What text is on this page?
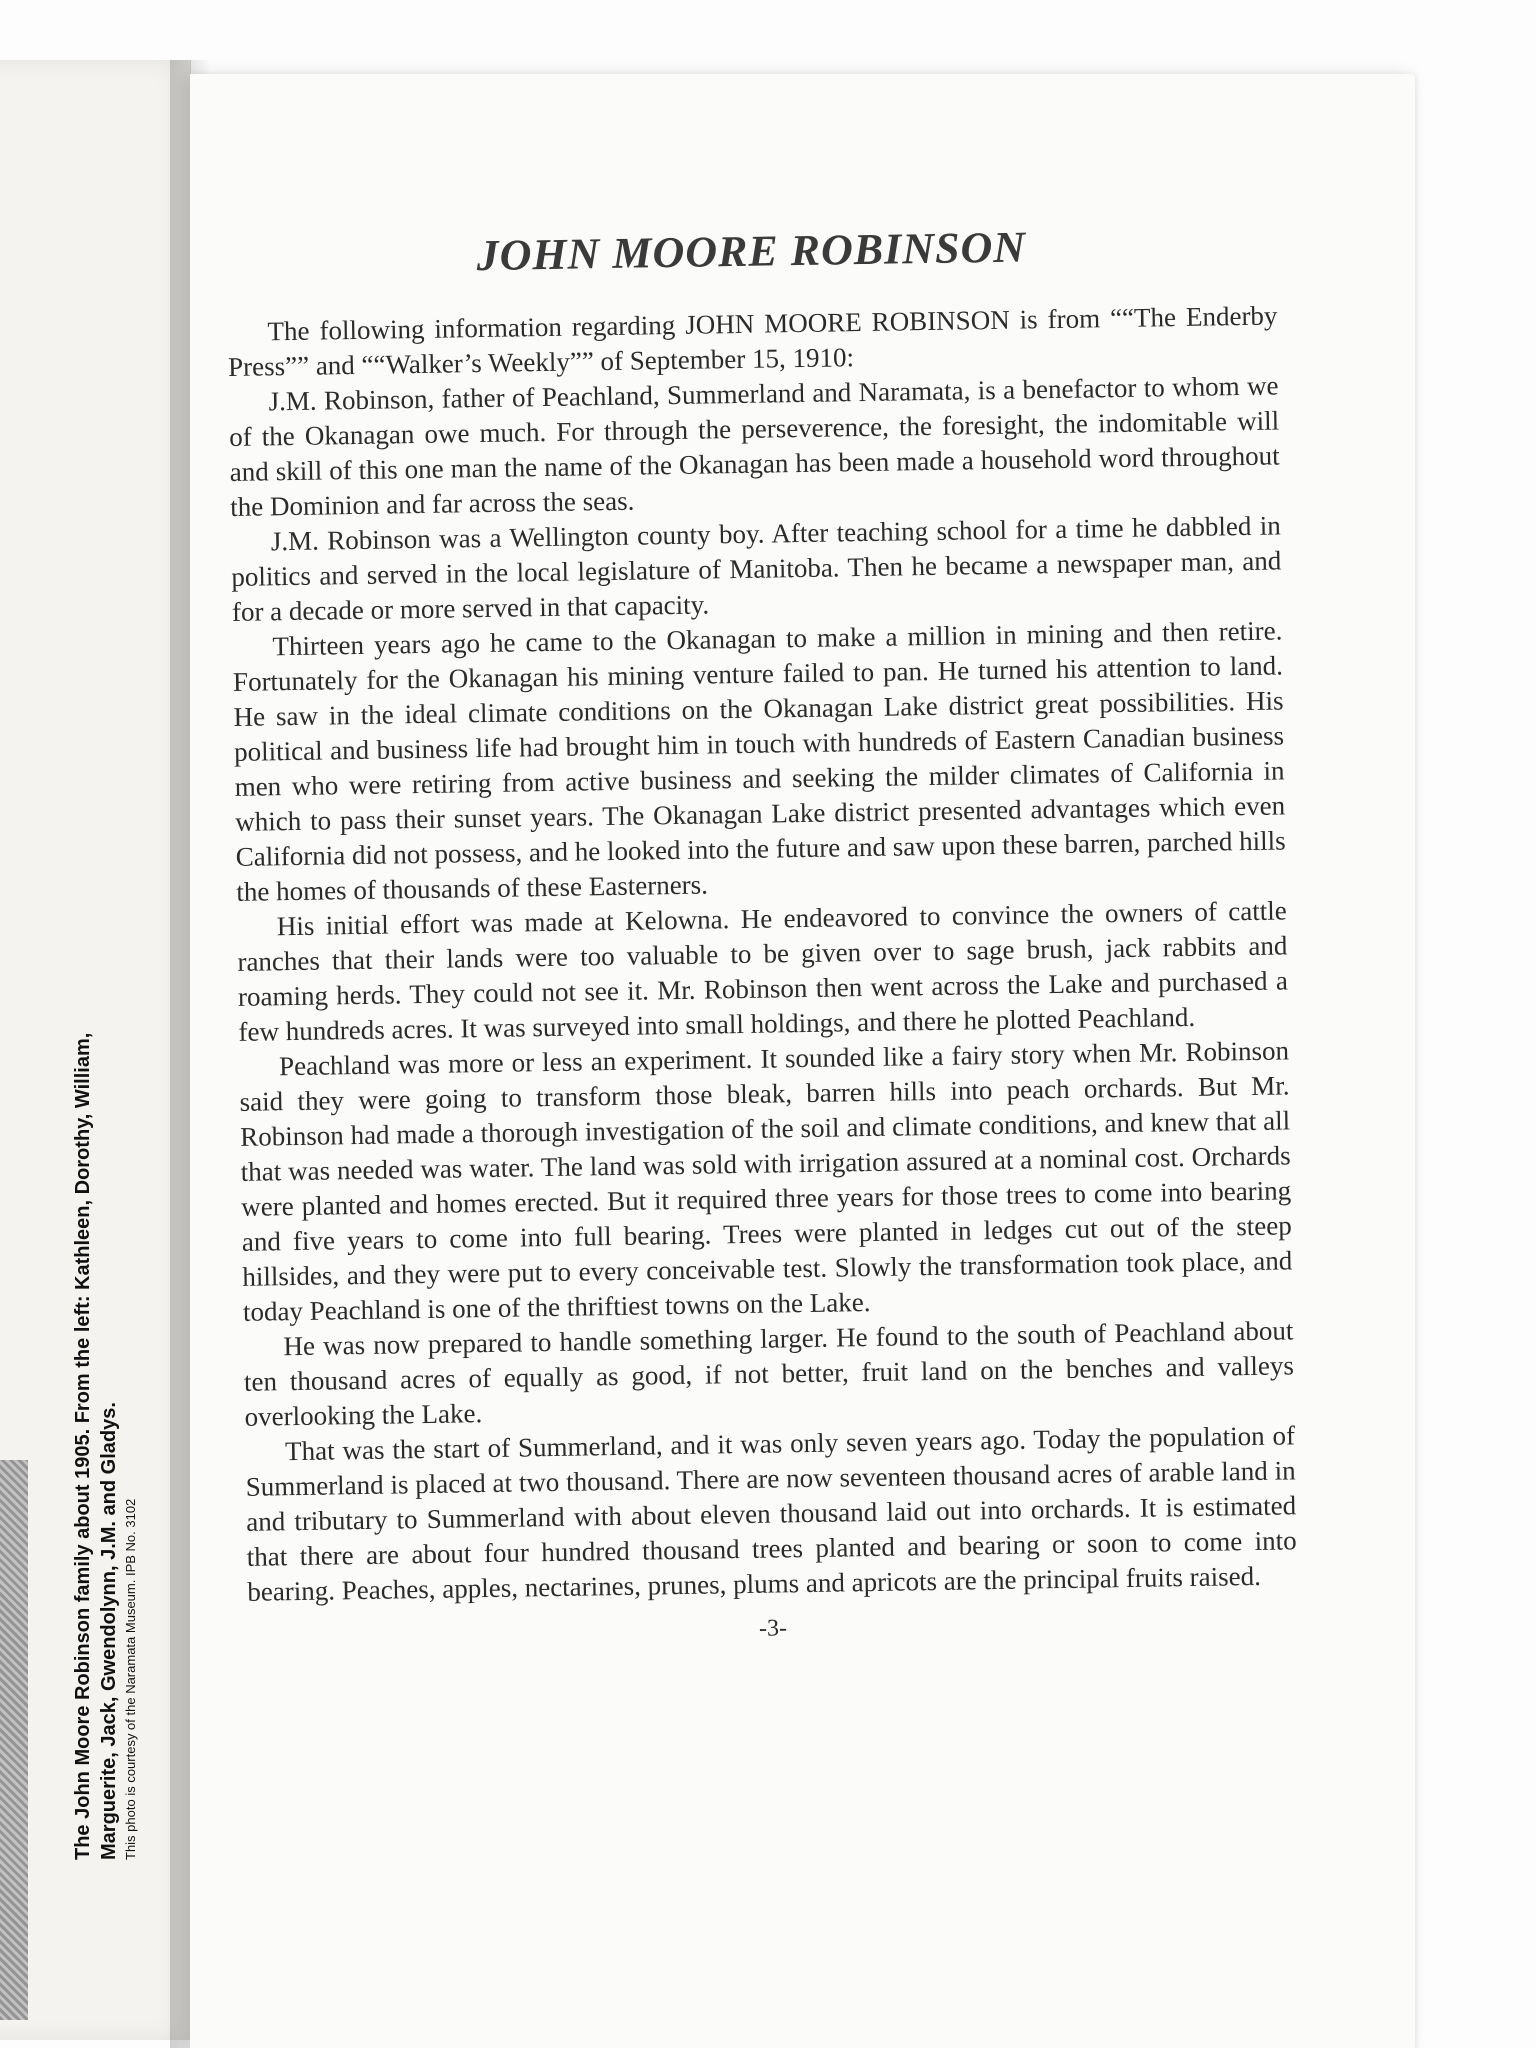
The John Moore Robinson family about 1905. From the left: Kathleen, Dorothy, William, Marguerite, Jack, Gwendolynn, J.M. and Gladys. This photo is courtesy of the Naramata Museum. IPB No. 3102
JOHN MOORE ROBINSON

The following information regarding JOHN MOORE ROBINSON is from ““The Enderby Press”” and ““Walker’s Weekly”” of September 15, 1910:

J.M. Robinson, father of Peachland, Summerland and Naramata, is a benefactor to whom we of the Okanagan owe much. For through the perseverence, the foresight, the indomitable will and skill of this one man the name of the Okanagan has been made a household word throughout the Dominion and far across the seas.

J.M. Robinson was a Wellington county boy. After teaching school for a time he dabbled in politics and served in the local legislature of Manitoba. Then he became a newspaper man, and for a decade or more served in that capacity.

Thirteen years ago he came to the Okanagan to make a million in mining and then retire. Fortunately for the Okanagan his mining venture failed to pan. He turned his attention to land. He saw in the ideal climate conditions on the Okanagan Lake district great possibilities. His political and business life had brought him in touch with hundreds of Eastern Canadian business men who were retiring from active business and seeking the milder climates of California in which to pass their sunset years. The Okanagan Lake district presented advantages which even California did not possess, and he looked into the future and saw upon these barren, parched hills the homes of thousands of these Easterners.

His initial effort was made at Kelowna. He endeavored to convince the owners of cattle ranches that their lands were too valuable to be given over to sage brush, jack rabbits and roaming herds. They could not see it. Mr. Robinson then went across the Lake and purchased a few hundreds acres. It was surveyed into small holdings, and there he plotted Peachland.

Peachland was more or less an experiment. It sounded like a fairy story when Mr. Robinson said they were going to transform those bleak, barren hills into peach orchards. But Mr. Robinson had made a thorough investigation of the soil and climate conditions, and knew that all that was needed was water. The land was sold with irrigation assured at a nominal cost. Orchards were planted and homes erected. But it required three years for those trees to come into bearing and five years to come into full bearing. Trees were planted in ledges cut out of the steep hillsides, and they were put to every conceivable test. Slowly the transformation took place, and today Peachland is one of the thriftiest towns on the Lake.

He was now prepared to handle something larger. He found to the south of Peachland about ten thousand acres of equally as good, if not better, fruit land on the benches and valleys overlooking the Lake.

That was the start of Summerland, and it was only seven years ago. Today the population of Summerland is placed at two thousand. There are now seventeen thousand acres of arable land in and tributary to Summerland with about eleven thousand laid out into orchards. It is estimated that there are about four hundred thousand trees planted and bearing or soon to come into bearing. Peaches, apples, nectarines, prunes, plums and apricots are the principal fruits raised.

-3-
